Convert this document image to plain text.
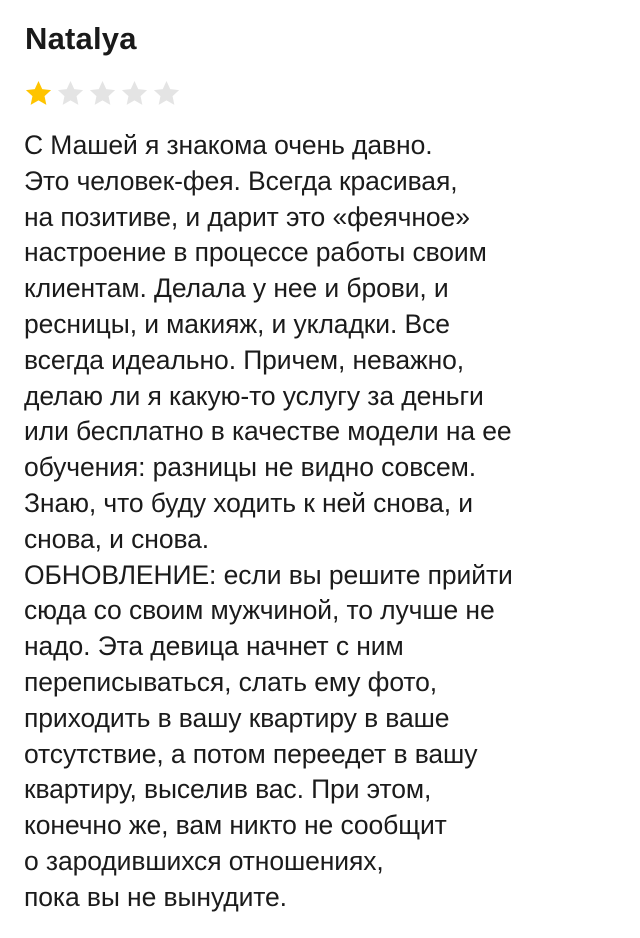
Natalya
С Машей я знакома очень давно.
Это человек-фея. Всегда красивая,
на позитиве, и дарит это «феячное»
настроение в процессе работы своим
клиентам. Делала у нее и брови, и
ресницы, и макияж, и укладки. Все
всегда идеально. Причем, неважно,
делаю ли я какую-то услугу за деньги
или бесплатно в качестве модели на ее
обучения: разницы не видно совсем.
Знаю, что буду ходить к ней снова, и
снова, и снова.
ОБНОВЛЕНИЕ: если вы решите прийти
сюда со своим мужчиной, то лучше не
надо. Эта девица начнет с ним
переписываться, слать ему фото,
приходить в вашу квартиру в ваше
отсутствие, а потом переедет в вашу
квартиру, выселив вас. При этом,
конечно же, вам никто не сообщит
о зародившихся отношениях,
пока вы не вынудите.
